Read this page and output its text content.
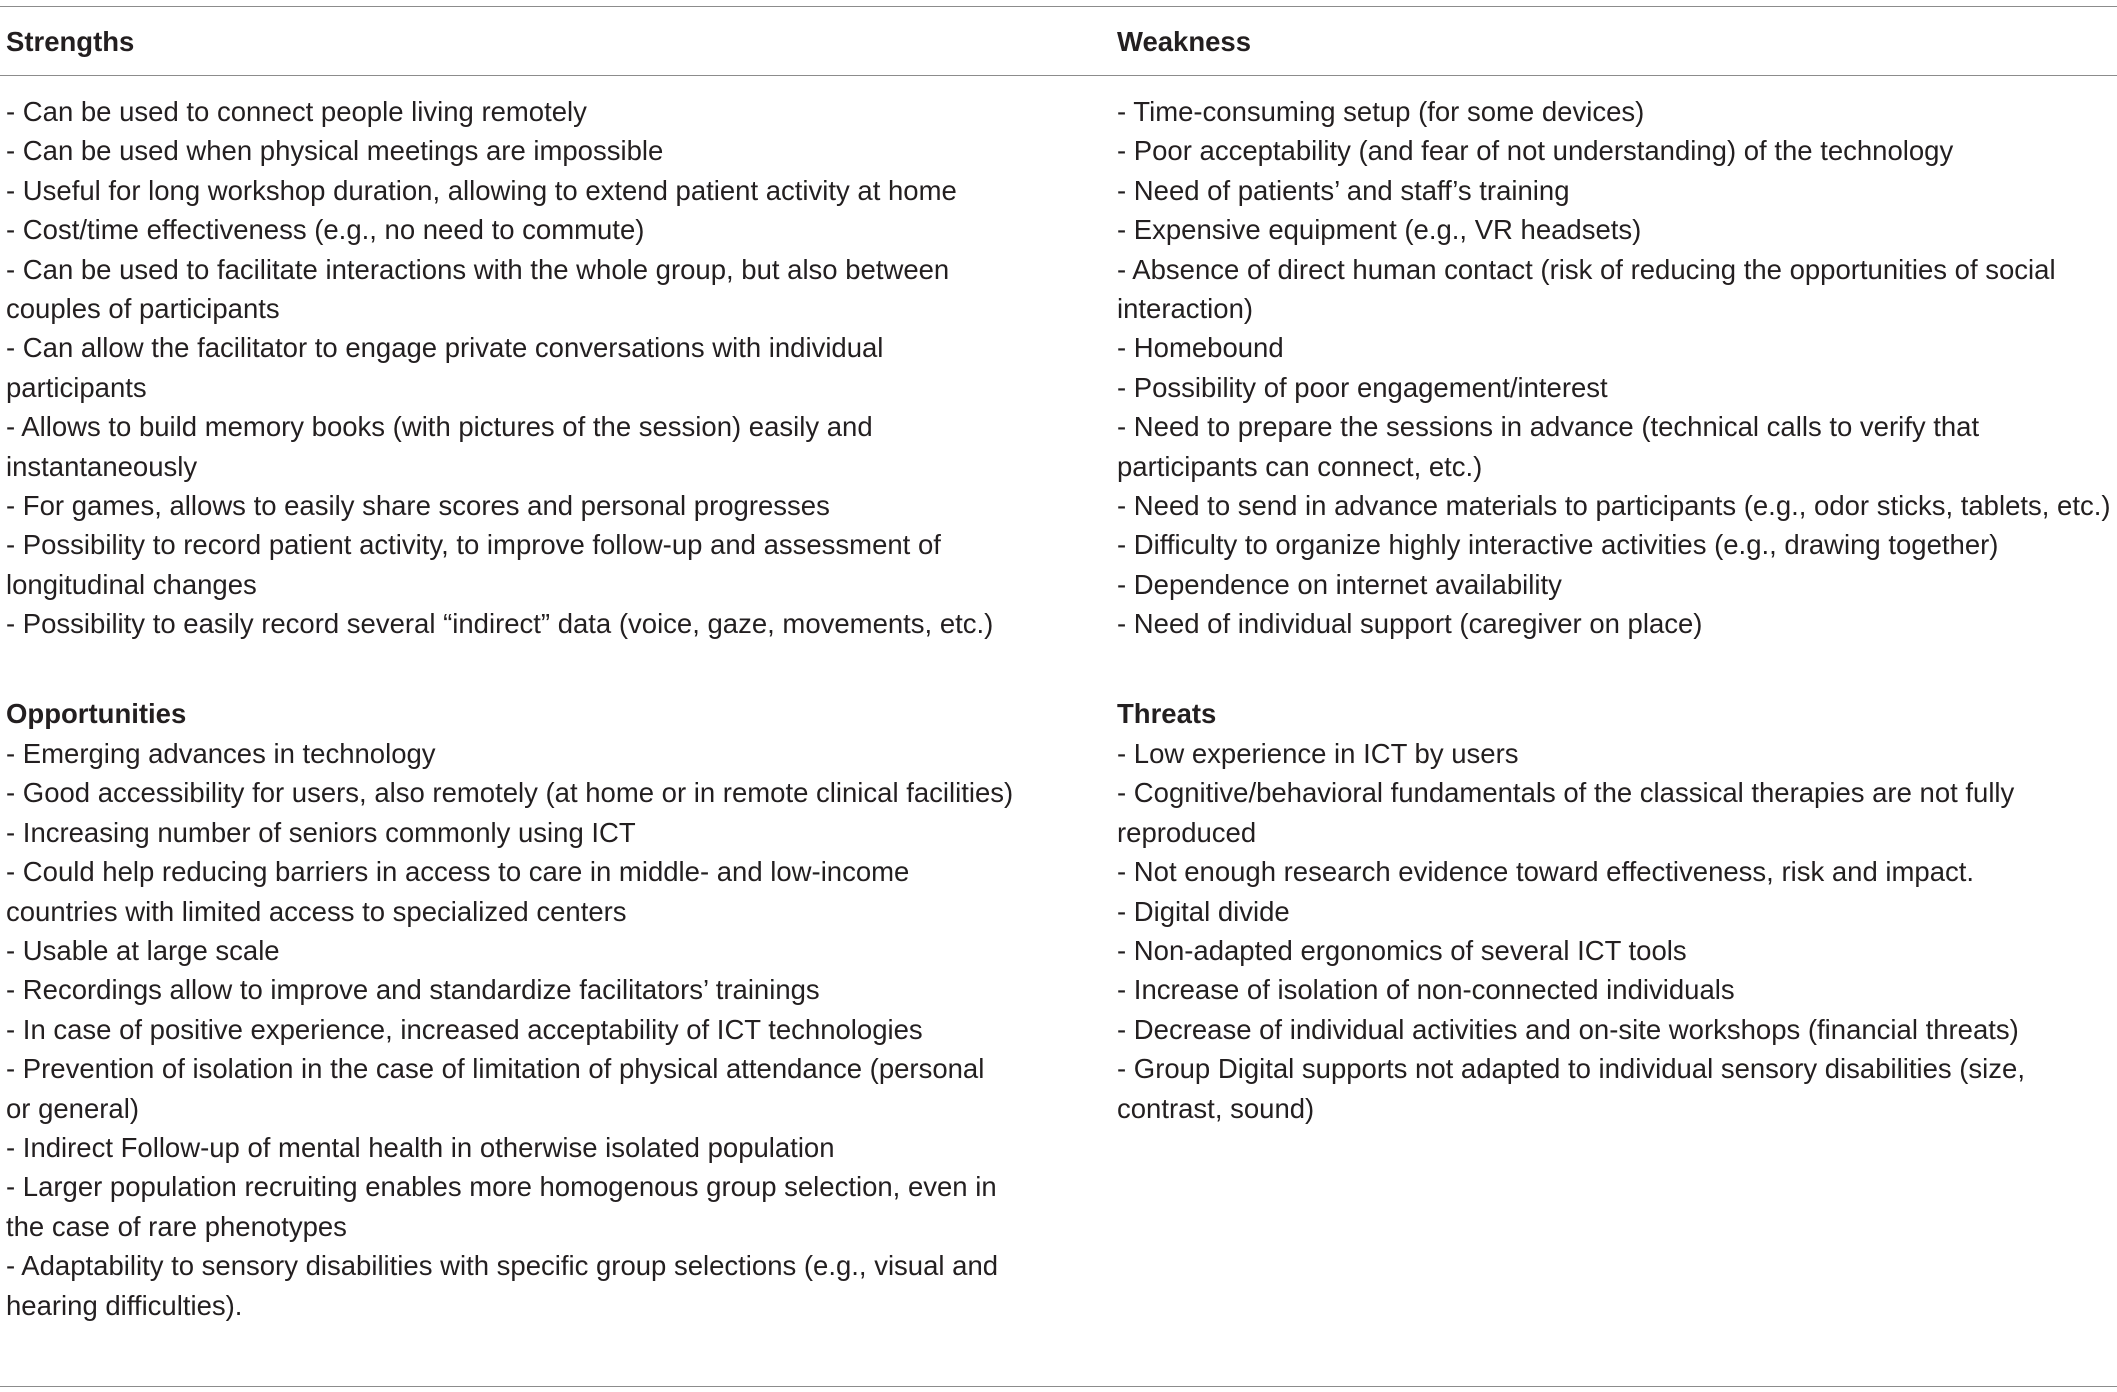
Strengths	Weakness
- Can be used to connect people living remotely
- Can be used when physical meetings are impossible
- Useful for long workshop duration, allowing to extend patient activity at home
- Cost/time effectiveness (e.g., no need to commute)
- Can be used to facilitate interactions with the whole group, but also between couples of participants
- Can allow the facilitator to engage private conversations with individual participants
- Allows to build memory books (with pictures of the session) easily and instantaneously
- For games, allows to easily share scores and personal progresses
- Possibility to record patient activity, to improve follow-up and assessment of longitudinal changes
- Possibility to easily record several “indirect” data (voice, gaze, movements, etc.)
- Time-consuming setup (for some devices)
- Poor acceptability (and fear of not understanding) of the technology
- Need of patients’ and staff’s training
- Expensive equipment (e.g., VR headsets)
- Absence of direct human contact (risk of reducing the opportunities of social interaction)
- Homebound
- Possibility of poor engagement/interest
- Need to prepare the sessions in advance (technical calls to verify that participants can connect, etc.)
- Need to send in advance materials to participants (e.g., odor sticks, tablets, etc.)
- Difficulty to organize highly interactive activities (e.g., drawing together)
- Dependence on internet availability
- Need of individual support (caregiver on place)
Opportunities
- Emerging advances in technology
- Good accessibility for users, also remotely (at home or in remote clinical facilities)
- Increasing number of seniors commonly using ICT
- Could help reducing barriers in access to care in middle- and low-income countries with limited access to specialized centers
- Usable at large scale
- Recordings allow to improve and standardize facilitators’ trainings
- In case of positive experience, increased acceptability of ICT technologies
- Prevention of isolation in the case of limitation of physical attendance (personal or general)
- Indirect Follow-up of mental health in otherwise isolated population
- Larger population recruiting enables more homogenous group selection, even in the case of rare phenotypes
- Adaptability to sensory disabilities with specific group selections (e.g., visual and hearing difficulties).
Threats
- Low experience in ICT by users
- Cognitive/behavioral fundamentals of the classical therapies are not fully reproduced
- Not enough research evidence toward effectiveness, risk and impact.
- Digital divide
- Non-adapted ergonomics of several ICT tools
- Increase of isolation of non-connected individuals
- Decrease of individual activities and on-site workshops (financial threats)
- Group Digital supports not adapted to individual sensory disabilities (size, contrast, sound)
